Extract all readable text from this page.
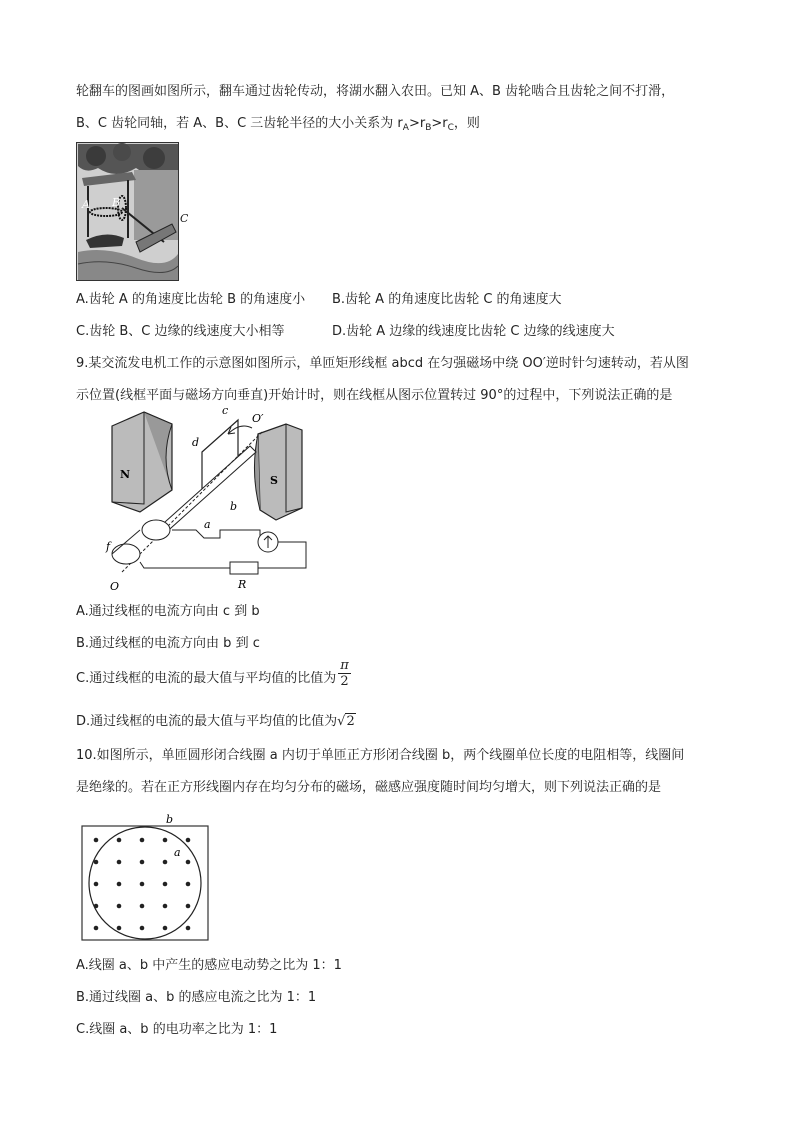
轮翻车的图画如图所示，翻车通过齿轮传动，将湖水翻入农田。已知 A、B 齿轮啮合且齿轮之间不打滑，
B、C 齿轮同轴，若 A、B、C 三齿轮半径的大小关系为 $r_A>r_B>r_C$，则
A B
C
A.齿轮 A 的角速度比齿轮 B 的角速度小 B.齿轮 A 的角速度比齿轮 C 的角速度大
C.齿轮 B、C 边缘的线速度大小相等	D.齿轮 A 边缘的线速度比齿轮 C 边缘的线速度大
9.某交流发电机工作的示意图如图所示，单匝矩形线框 abcd 在匀强磁场中绕 OO′逆时针匀速转动，若从图
示位置(线框平面与磁场方向垂直)开始计时，则在线框从图示位置转过 90°的过程中，下列说法正确的是
N	S
c
O′
d
b
a
f
O	R
A.通过线框的电流方向由 c 到 b
B.通过线框的电流方向由 b 到 c
C.通过线框的电流的最大值与平均值的比值为 $\frac{\pi}{2}$
D.通过线框的电流的最大值与平均值的比值为√2
10.如图所示，单匝圆形闭合线圈 a 内切于单匝正方形闭合线圈 b，两个线圈单位长度的电阻相等，线圈间
是绝缘的。若在正方形线圈内存在均匀分布的磁场，磁感应强度随时间均匀增大，则下列说法正确的是
b
a
A.线圈 a、b 中产生的感应电动势之比为 1：1
B.通过线圈 a、b 的感应电流之比为 1：1
C.线圈 a、b 的电功率之比为 1：1
